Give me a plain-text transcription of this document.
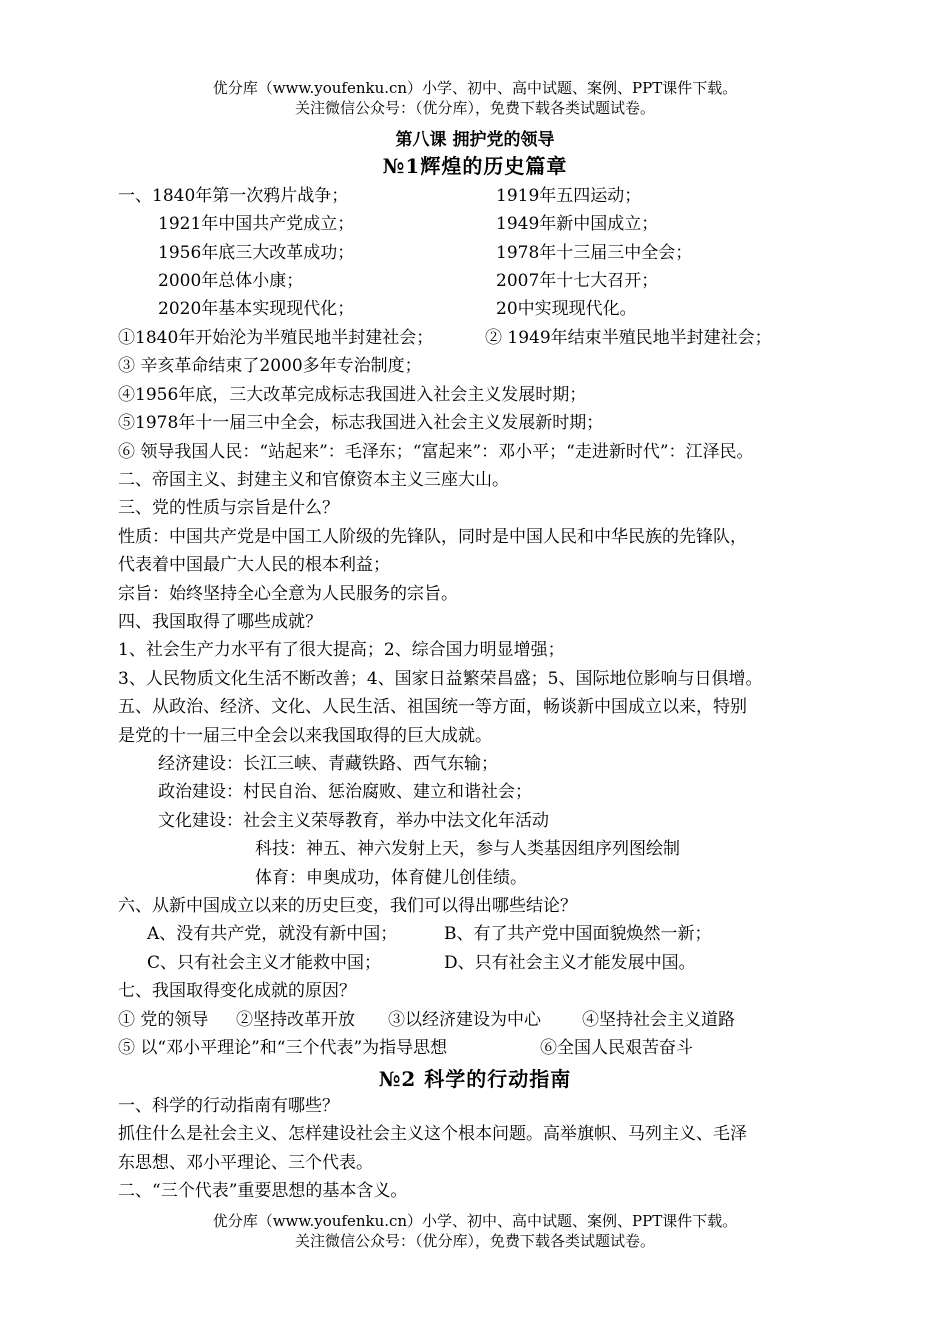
优分库（www.youfenku.cn）小学、初中、高中试题、案例、PPT课件下载。
关注微信公众号：（优分库），免费下载各类试题试卷。
第八课 拥护党的领导
№1辉煌的历史篇章
一、1840年第一次鸦片战争；	1919年五四运动；
1921年中国共产党成立；	1949年新中国成立；
1956年底三大改革成功；	1978年十三届三中全会；
2000年总体小康；	2007年十七大召开；
2020年基本实现现代化；	20中实现现代化。
①1840年开始沦为半殖民地半封建社会；	② 1949年结束半殖民地半封建社会；
③ 辛亥革命结束了2000多年专治制度；
④1956年底，三大改革完成标志我国进入社会主义发展时期；
⑤1978年十一届三中全会，标志我国进入社会主义发展新时期；
⑥ 领导我国人民：“站起来”：毛泽东；“富起来”：邓小平；“走进新时代”：江泽民。
二、帝国主义、封建主义和官僚资本主义三座大山。
三、党的性质与宗旨是什么？
性质：中国共产党是中国工人阶级的先锋队，同时是中国人民和中华民族的先锋队，
代表着中国最广大人民的根本利益；
宗旨：始终坚持全心全意为人民服务的宗旨。
四、我国取得了哪些成就？
1、社会生产力水平有了很大提高；2、综合国力明显增强；
3、人民物质文化生活不断改善；4、国家日益繁荣昌盛；5、国际地位影响与日俱增。
五、从政治、经济、文化、人民生活、祖国统一等方面，畅谈新中国成立以来，特别
是党的十一届三中全会以来我国取得的巨大成就。
经济建设：长江三峡、青藏铁路、西气东输；
政治建设：村民自治、惩治腐败、建立和谐社会；
文化建设：社会主义荣辱教育，举办中法文化年活动
科技：神五、神六发射上天，参与人类基因组序列图绘制
体育：申奥成功，体育健儿创佳绩。
六、从新中国成立以来的历史巨变，我们可以得出哪些结论？
A、没有共产党，就没有新中国；	B、有了共产党中国面貌焕然一新；
C、只有社会主义才能救中国；	D、只有社会主义才能发展中国。
七、我国取得变化成就的原因？
① 党的领导 ②坚持改革开放 ③以经济建设为中心 ④坚持社会主义道路
⑤ 以“邓小平理论”和“三个代表”为指导思想	⑥全国人民艰苦奋斗
№2 科学的行动指南
一、科学的行动指南有哪些？
抓住什么是社会主义、怎样建设社会主义这个根本问题。高举旗帜、马列主义、毛泽
东思想、邓小平理论、三个代表。
二、“三个代表”重要思想的基本含义。
优分库（www.youfenku.cn）小学、初中、高中试题、案例、PPT课件下载。
关注微信公众号：（优分库），免费下载各类试题试卷。
